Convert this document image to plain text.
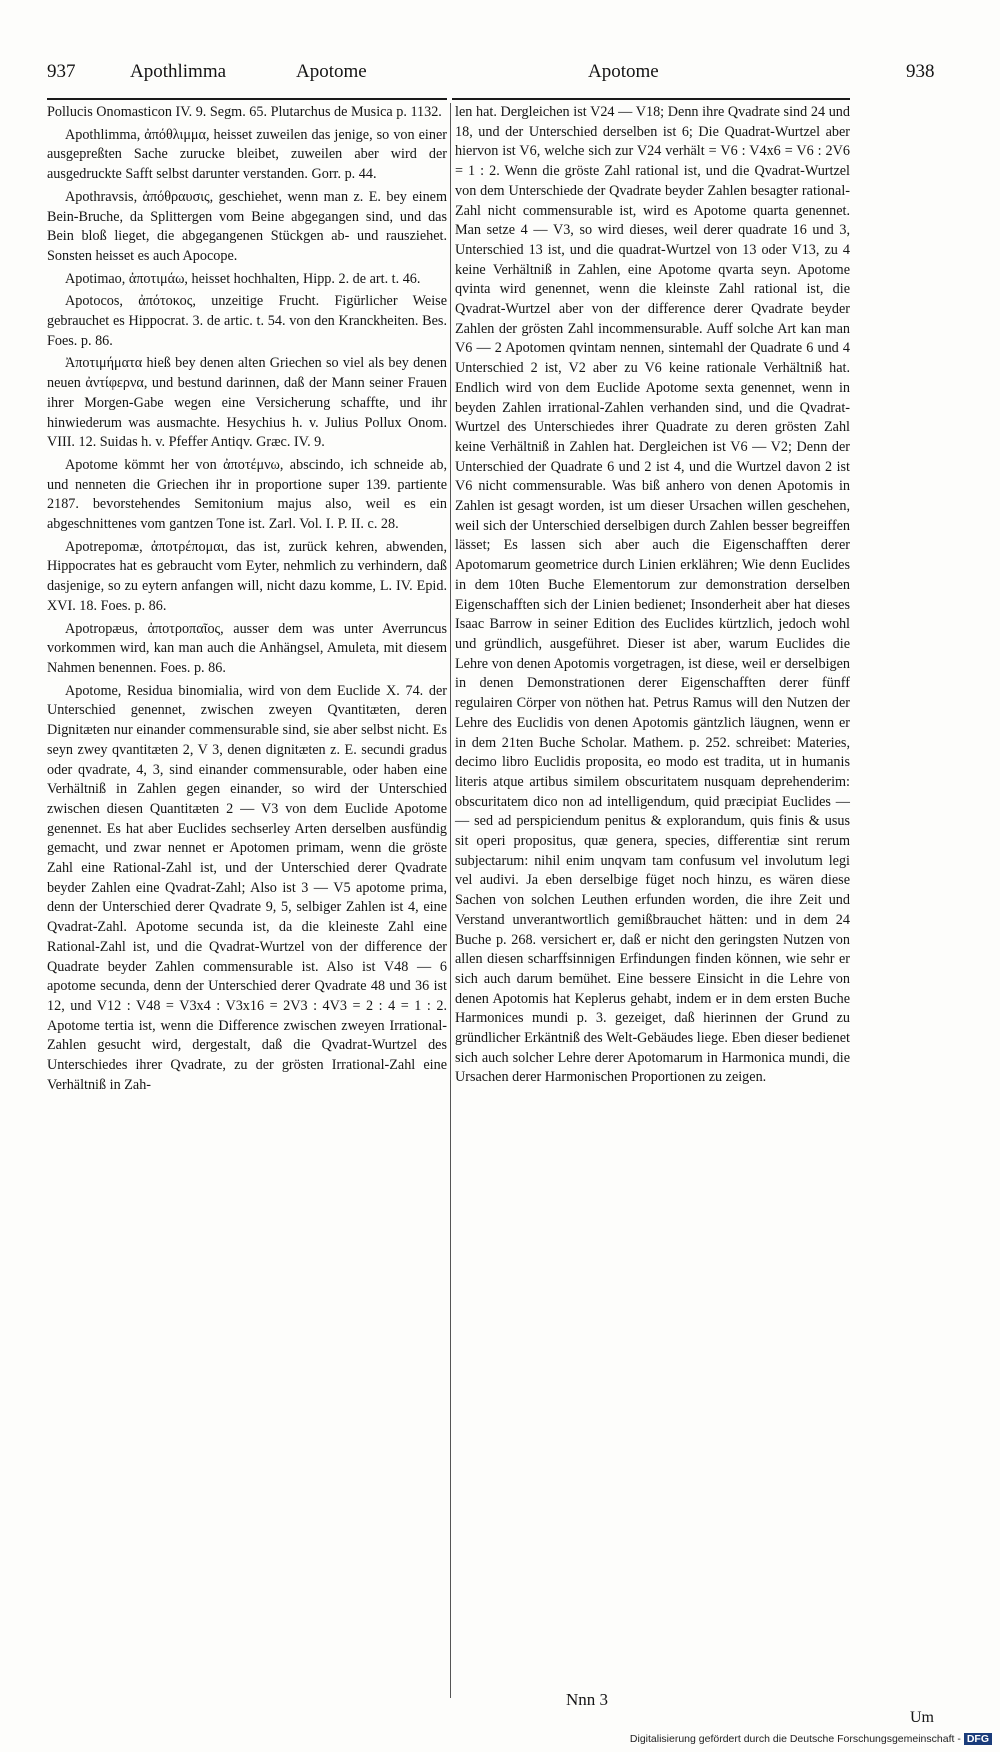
937	Apothlimma	Apotome	Apotome	938

Pollucis Onomasticon IV. 9. Segm. 65. Plutarchus de Musica p. 1132.

Apothlimma, ἀπόθλιμμα, heisset zuweilen das jenige, so von einer ausgepreßten Sache zurucke bleibet, zuweilen aber wird der ausgedruckte Safft selbst darunter verstanden. Gorr. p. 44.

Apothravsis, ἀπόθραυσις, geschiehet, wenn man z. E. bey einem Bein-Bruche, da Splittergen vom Beine abgegangen sind, und das Bein bloß lieget, die abgegangenen Stückgen ab- und rausziehet. Sonsten heisset es auch Apocope.

Apotimao, ἀποτιμάω, heisset hochhalten, Hipp. 2. de art. t. 46.

Apotocos, ἀπότοκος, unzeitige Frucht. Figürlicher Weise gebrauchet es Hippocrat. 3. de artic. t. 54. von den Kranckheiten. Bes. Foes. p. 86.

Ἀποτιμήματα hieß bey denen alten Griechen so viel als bey denen neuen ἀντίφερνα, und bestund darinnen, daß der Mann seiner Frauen ihrer Morgen-Gabe wegen eine Versicherung schaffte, und ihr hinwiederum was ausmachte. Hesychius h. v. Julius Pollux Onom. VIII. 12. Suidas h. v. Pfeffer Antiqv. Græc. IV. 9.

Apotome kömmt her von ἀποτέμνω, abscindo, ich schneide ab, und nenneten die Griechen ihr in proportione super 139. partiente 2187. bevorstehendes Semitonium majus also, weil es ein abgeschnittenes vom gantzen Tone ist. Zarl. Vol. I. P. II. c. 28.

Apotrepomæ, ἀποτρέπομαι, das ist, zurück kehren, abwenden, Hippocrates hat es gebraucht vom Eyter, nehmlich zu verhindern, daß dasjenige, so zu eytern anfangen will, nicht dazu komme, L. IV. Epid. XVI. 18. Foes. p. 86.

Apotropæus, ἀποτροπαῖος, ausser dem was unter Averruncus vorkommen wird, kan man auch die Anhängsel, Amuleta, mit diesem Nahmen benennen. Foes. p. 86.

Apotome, Residua binomialia, wird von dem Euclide X. 74. der Unterschied genennet, zwischen zweyen Qvantitæten, deren Dignitæten nur einander commensurable sind, sie aber selbst nicht. Es seyn zwey qvantitæten 2, V 3, denen dignitæten z. E. secundi gradus oder qvadrate, 4, 3, sind einander commensurable, oder haben eine Verhältniß in Zahlen gegen einander, so wird der Unterschied zwischen diesen Quantitæten 2 — V3 von dem Euclide Apotome genennet. Es hat aber Euclides sechserley Arten derselben ausfündig gemacht, und zwar nennet er Apotomen primam, wenn die gröste Zahl eine Rational-Zahl ist, und der Unterschied derer Qvadrate beyder Zahlen eine Qvadrat-Zahl; Also ist 3 — V5 apotome prima, denn der Unterschied derer Qvadrate 9, 5, selbiger Zahlen ist 4, eine Qvadrat-Zahl. Apotome secunda ist, da die kleineste Zahl eine Rational-Zahl ist, und die Qvadrat-Wurtzel von der difference der Quadrate beyder Zahlen commensurable ist. Also ist V48 — 6 apotome secunda, denn der Unterschied derer Qvadrate 48 und 36 ist 12, und V12 : V48 = V3x4 : V3x16 = 2V3 : 4V3 = 2 : 4 = 1 : 2. Apotome tertia ist, wenn die Difference zwischen zweyen Irrational-Zahlen gesucht wird, dergestalt, daß die Qvadrat-Wurtzel des Unterschiedes ihrer Qvadrate, zu der grösten Irrational-Zahl eine Verhältniß in Zah-

len hat. Dergleichen ist V24 — V18; Denn ihre Qvadrate sind 24 und 18, und der Unterschied derselben ist 6; Die Quadrat-Wurtzel aber hiervon ist V6, welche sich zur V24 verhält = V6 : V4x6 = V6 : 2V6 = 1 : 2. Wenn die gröste Zahl rational ist, und die Qvadrat-Wurtzel von dem Unterschiede der Qvadrate beyder Zahlen besagter rational-Zahl nicht commensurable ist, wird es Apotome quarta genennet. Man setze 4 — V3, so wird dieses, weil derer quadrate 16 und 3, Unterschied 13 ist, und die quadrat-Wurtzel von 13 oder V13, zu 4 keine Verhältniß in Zahlen, eine Apotome qvarta seyn. Apotome qvinta wird genennet, wenn die kleinste Zahl rational ist, die Qvadrat-Wurtzel aber von der difference derer Qvadrate beyder Zahlen der grösten Zahl incommensurable. Auff solche Art kan man V6 — 2 Apotomen qvintam nennen, sintemahl der Quadrate 6 und 4 Unterschied 2 ist, V2 aber zu V6 keine rationale Verhältniß hat. Endlich wird von dem Euclide Apotome sexta genennet, wenn in beyden Zahlen irrational-Zahlen verhanden sind, und die Qvadrat-Wurtzel des Unterschiedes ihrer Quadrate zu deren grösten Zahl keine Verhältniß in Zahlen hat. Dergleichen ist V6 — V2; Denn der Unterschied der Quadrate 6 und 2 ist 4, und die Wurtzel davon 2 ist V6 nicht commensurable. Was biß anhero von denen Apotomis in Zahlen ist gesagt worden, ist um dieser Ursachen willen geschehen, weil sich der Unterschied derselbigen durch Zahlen besser begreiffen lässet; Es lassen sich aber auch die Eigenschafften derer Apotomarum geometrice durch Linien erklähren; Wie denn Euclides in dem 10ten Buche Elementorum zur demonstration derselben Eigenschafften sich der Linien bedienet; Insonderheit aber hat dieses Isaac Barrow in seiner Edition des Euclides kürtzlich, jedoch wohl und gründlich, ausgeführet. Dieser ist aber, warum Euclides die Lehre von denen Apotomis vorgetragen, ist diese, weil er derselbigen in denen Demonstrationen derer Eigenschafften derer fünff regulairen Cörper von nöthen hat. Petrus Ramus will den Nutzen der Lehre des Euclidis von denen Apotomis gäntzlich läugnen, wenn er in dem 21ten Buche Scholar. Mathem. p. 252. schreibet: Materies, decimo libro Euclidis proposita, eo modo est tradita, ut in humanis literis atque artibus similem obscuritatem nusquam deprehenderim: obscuritatem dico non ad intelligendum, quid præcipiat Euclides — — sed ad perspiciendum penitus & explorandum, quis finis & usus sit operi propositus, quæ genera, species, differentiæ sint rerum subjectarum: nihil enim unqvam tam confusum vel involutum legi vel audivi. Ja eben derselbige füget noch hinzu, es wären diese Sachen von solchen Leuthen erfunden worden, die ihre Zeit und Verstand unverantwortlich gemißbrauchet hätten: und in dem 24 Buche p. 268. versichert er, daß er nicht den geringsten Nutzen von allen diesen scharffsinnigen Erfindungen finden können, wie sehr er sich auch darum bemühet. Eine bessere Einsicht in die Lehre von denen Apotomis hat Keplerus gehabt, indem er in dem ersten Buche Harmonices mundi p. 3. gezeiget, daß hierinnen der Grund zu gründlicher Erkäntniß des Welt-Gebäudes liege. Eben dieser bedienet sich auch solcher Lehre derer Apotomarum in Harmonica mundi, die Ursachen derer Harmonischen Proportionen zu zeigen.

Nnn 3
Um
Digitalisierung gefördert durch die Deutsche Forschungsgemeinschaft - DFG
